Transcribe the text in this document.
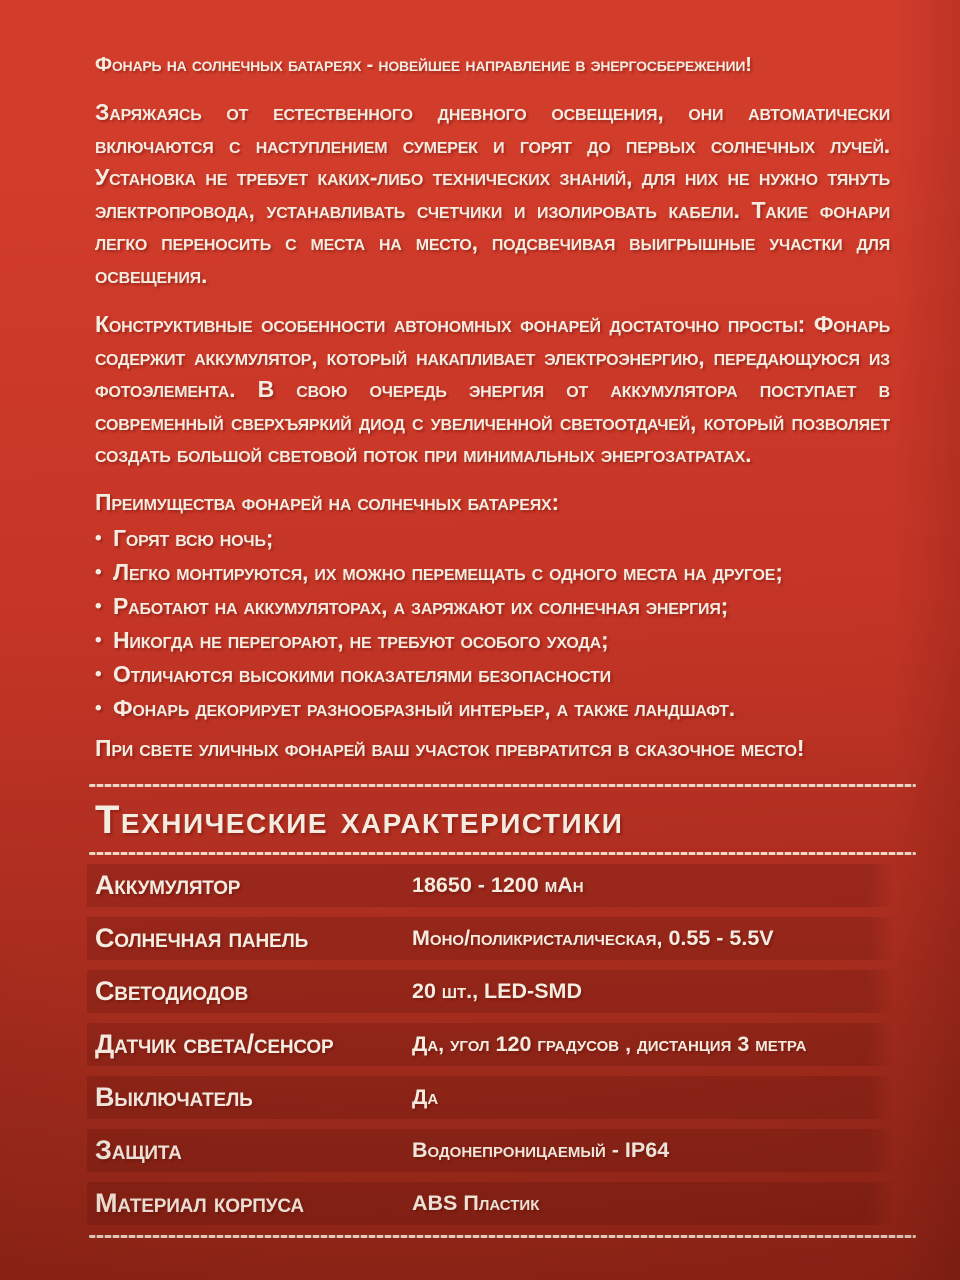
Фонарь на солнечных батареях - новейшее направление в энергосбережении!

Заряжаясь от естественного дневного освещения, они автоматически включаются с наступлением сумерек и горят до первых солнечных лучей. Установка не требует каких-либо технических знаний, для них не нужно тянуть электропровода, устанавливать счетчики и изолировать кабели. Такие фонари легко переносить с места на место, подсвечивая выигрышные участки для освещения.

Конструктивные особенности автономных фонарей достаточно просты: Фонарь содержит аккумулятор, который накапливает электроэнергию, передающуюся из фотоэлемента. В свою очередь энергия от аккумулятора поступает в современный сверхъяркий диод с увеличенной светоотдачей, который позволяет создать большой световой поток при минимальных энергозатратах.

Преимущества фонарей на солнечных батареях:

• Горят всю ночь;
• Легко монтируются, их можно перемещать с одного места на другое;
• Работают на аккумуляторах, а заряжают их солнечная энергия;
• Никогда не перегорают, не требуют особого ухода;
• Отличаются высокими показателями безопасности
• Фонарь декорирует разнообразный интерьер, а также ландшафт.

При свете уличных фонарей ваш участок превратится в сказочное место!

Технические характеристики
Аккумулятор	18650 - 1200 mAh
Солнечная панель	Моно/поликристалическая, 0.55 - 5.5V
Светодиодов	20 шт., LED-SMD
Датчик света/сенсор	Да, угол 120 градусов , дистанция 3 метра
Выключатель	Да
Защита	Водонепроницаемый - IP64
Материал корпуса	ABS Пластик
